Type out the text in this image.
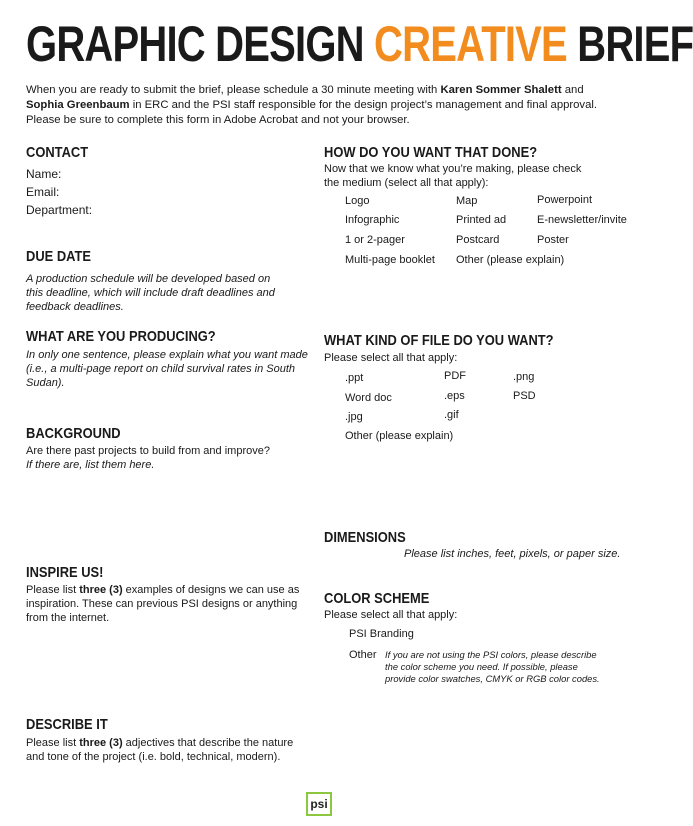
GRAPHIC DESIGN CREATIVE BRIEF
When you are ready to submit the brief, please schedule a 30 minute meeting with Karen Sommer Shalett and Sophia Greenbaum in ERC and the PSI staff responsible for the design project’s management and final approval. Please be sure to complete this form in Adobe Acrobat and not your browser.
CONTACT
Name:
Email:
Department:
DUE DATE
A production schedule will be developed based on this deadline, which will include draft deadlines and feedback deadlines.
WHAT ARE YOU PRODUCING?
In only one sentence, please explain what you want made (i.e., a multi-page report on child survival rates in South Sudan).
BACKGROUND
Are there past projects to build from and improve?
If there are, list them here.
INSPIRE US!
Please list three (3) examples of designs we can use as inspiration. These can previous PSI designs or anything from the internet.
DESCRIBE IT
Please list three (3) adjectives that describe the nature and tone of the project (i.e. bold, technical, modern).
HOW DO YOU WANT THAT DONE?
Now that we know what you’re making, please check the medium (select all that apply):
Logo	Map	Powerpoint
Infographic	Printed ad	E-newsletter/invite
1 or 2-pager	Postcard	Poster
Multi-page booklet Other (please explain)
WHAT KIND OF FILE DO YOU WANT?
Please select all that apply:
.ppt	PDF	.png
Word doc	.eps	PSD
.jpg	.gif
Other (please explain)
DIMENSIONS
Please list inches, feet, pixels, or paper size.
COLOR SCHEME
Please select all that apply:
PSI Branding
Other If you are not using the PSI colors, please describe the color scheme you need. If possible, please provide color swatches, CMYK or RGB color codes.
psi
